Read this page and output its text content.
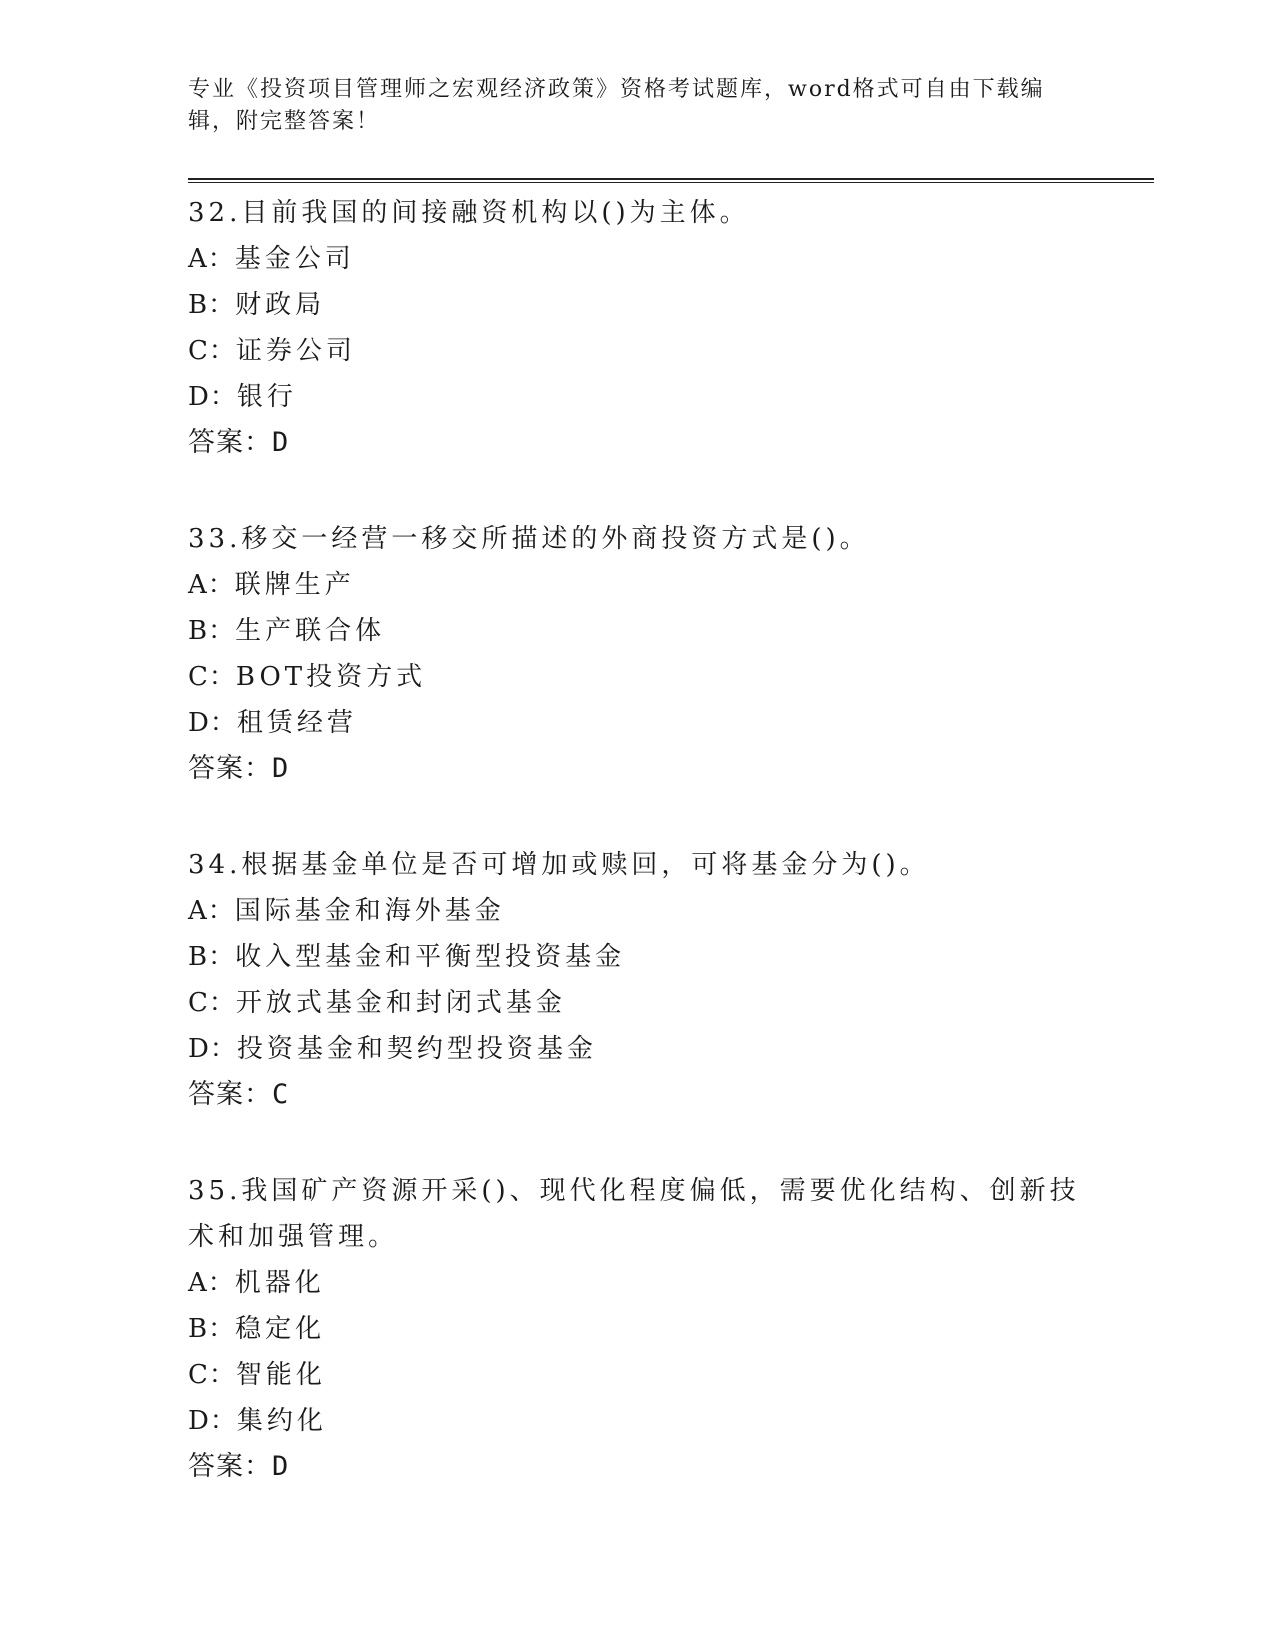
专业《投资项目管理师之宏观经济政策》资格考试题库，word格式可自由下载编辑，附完整答案！
32.目前我国的间接融资机构以()为主体。
A：基金公司
B：财政局
C：证券公司
D：银行
答案：D
33.移交一经营一移交所描述的外商投资方式是()。
A：联牌生产
B：生产联合体
C：BOT投资方式
D：租赁经营
答案：D
34.根据基金单位是否可增加或赎回，可将基金分为()。
A：国际基金和海外基金
B：收入型基金和平衡型投资基金
C：开放式基金和封闭式基金
D：投资基金和契约型投资基金
答案：C
35.我国矿产资源开采()、现代化程度偏低，需要优化结构、创新技术和加强管理。
A：机器化
B：稳定化
C：智能化
D：集约化
答案：D
